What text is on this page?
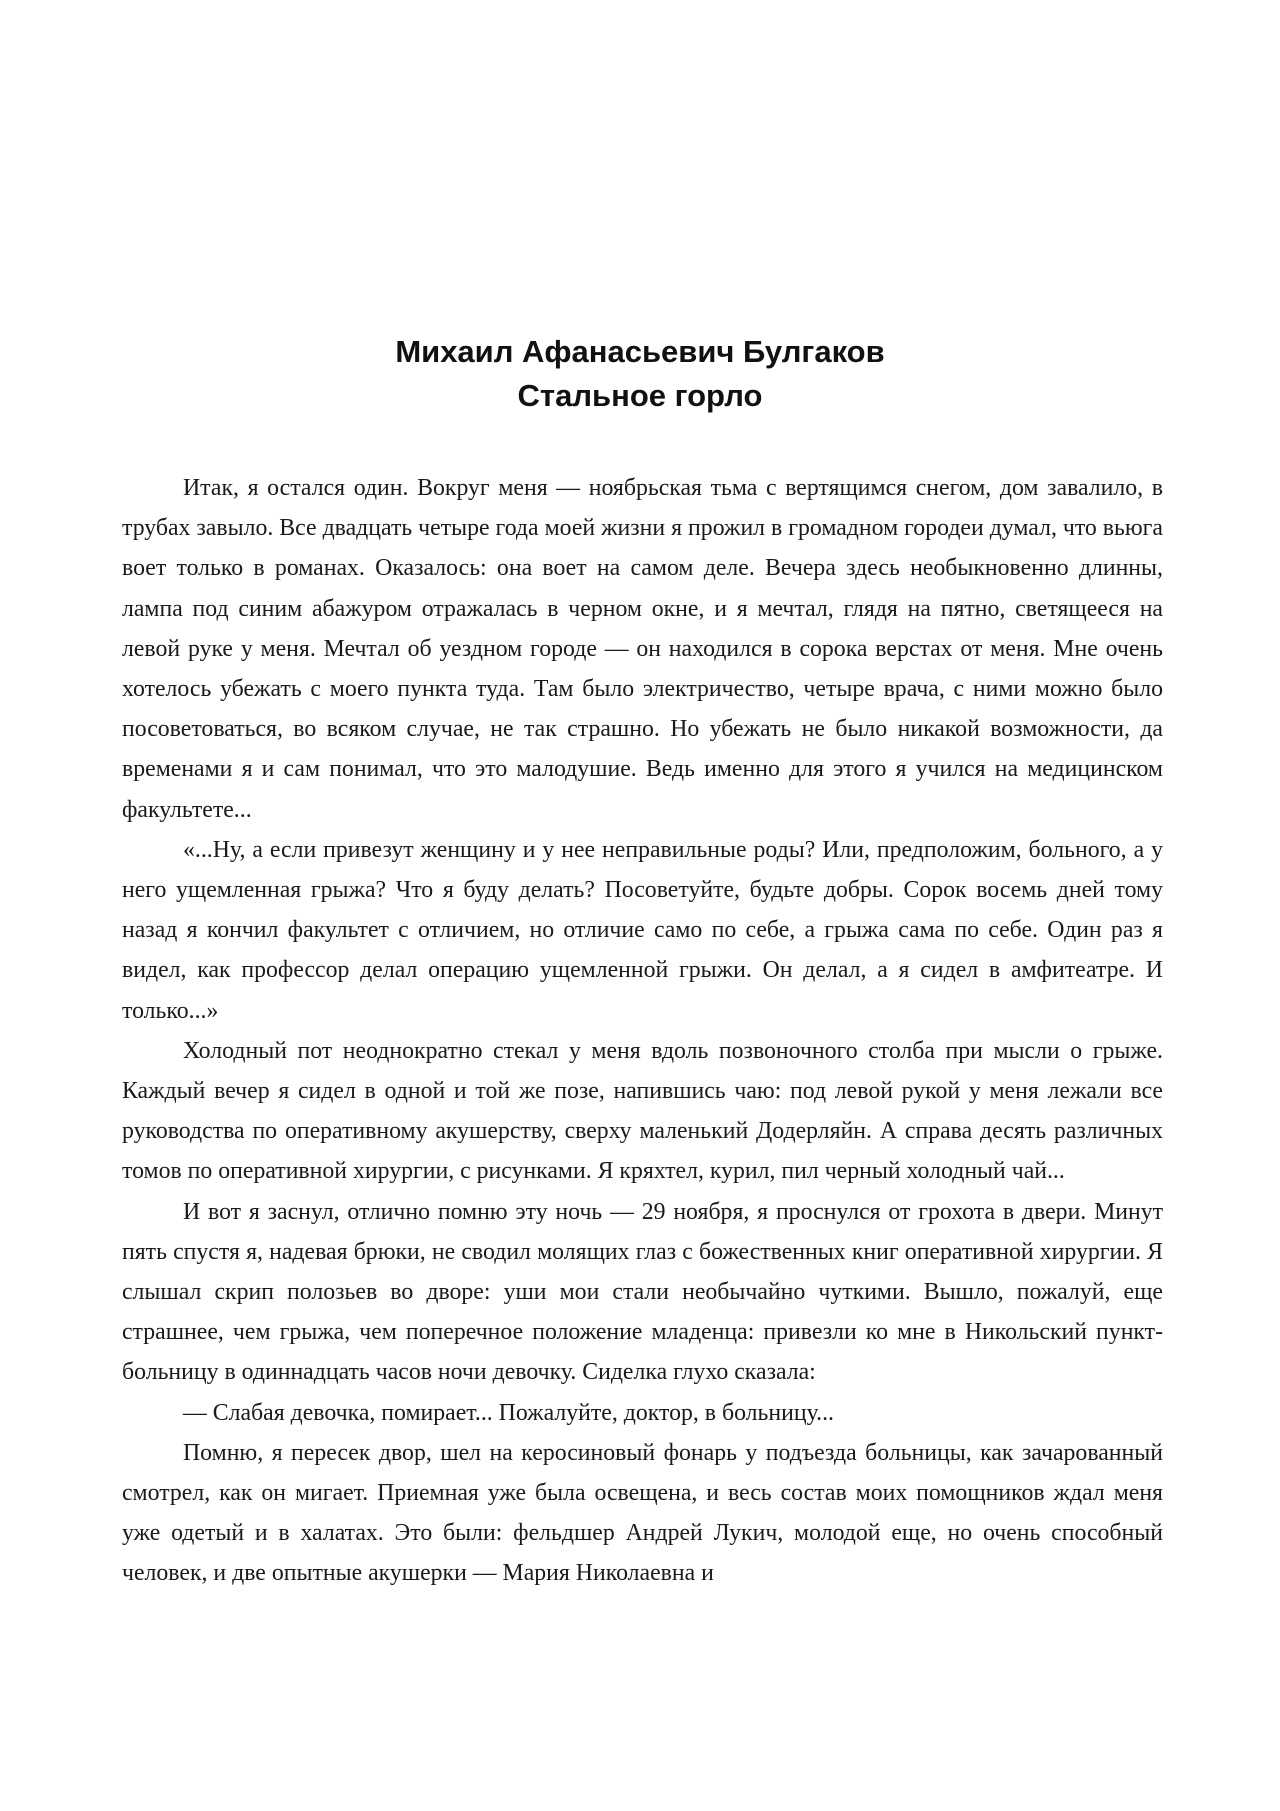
Михаил Афанасьевич Булгаков
Стальное горло

Итак, я остался один. Вокруг меня — ноябрьская тьма с вертящимся снегом, дом завалило, в трубах завыло. Все двадцать четыре года моей жизни я прожил в громадном городеи думал, что вьюга воет только в романах. Оказалось: она воет на самом деле. Вечера здесь необыкновенно длинны, лампа под синим абажуром отражалась в черном окне, и я мечтал, глядя на пятно, светящееся на левой руке у меня. Мечтал об уездном городе — он находился в сорока верстах от меня. Мне очень хотелось убежать с моего пункта туда. Там было электричество, четыре врача, с ними можно было посоветоваться, во всяком случае, не так страшно. Но убежать не было никакой возможности, да временами я и сам понимал, что это малодушие. Ведь именно для этого я учился на медицинском факультете...

«...Ну, а если привезут женщину и у нее неправильные роды? Или, предположим, больного, а у него ущемленная грыжа? Что я буду делать? Посоветуйте, будьте добры. Сорок восемь дней тому назад я кончил факультет с отличием, но отличие само по себе, а грыжа сама по себе. Один раз я видел, как профессор делал операцию ущемленной грыжи. Он делал, а я сидел в амфитеатре. И только...»

Холодный пот неоднократно стекал у меня вдоль позвоночного столба при мысли о грыже. Каждый вечер я сидел в одной и той же позе, напившись чаю: под левой рукой у меня лежали все руководства по оперативному акушерству, сверху маленький Додерляйн. А справа десять различных томов по оперативной хирургии, с рисунками. Я кряхтел, курил, пил черный холодный чай...

И вот я заснул, отлично помню эту ночь — 29 ноября, я проснулся от грохота в двери. Минут пять спустя я, надевая брюки, не сводил молящих глаз с божественных книг оперативной хирургии. Я слышал скрип полозьев во дворе: уши мои стали необычайно чуткими. Вышло, пожалуй, еще страшнее, чем грыжа, чем поперечное положение младенца: привезли ко мне в Никольский пункт-больницу в одиннадцать часов ночи девочку. Сиделка глухо сказала:

— Слабая девочка, помирает... Пожалуйте, доктор, в больницу...

Помню, я пересек двор, шел на керосиновый фонарь у подъезда больницы, как зачарованный смотрел, как он мигает. Приемная уже была освещена, и весь состав моих помощников ждал меня уже одетый и в халатах. Это были: фельдшер Андрей Лукич, молодой еще, но очень способный человек, и две опытные акушерки — Мария Николаевна и
